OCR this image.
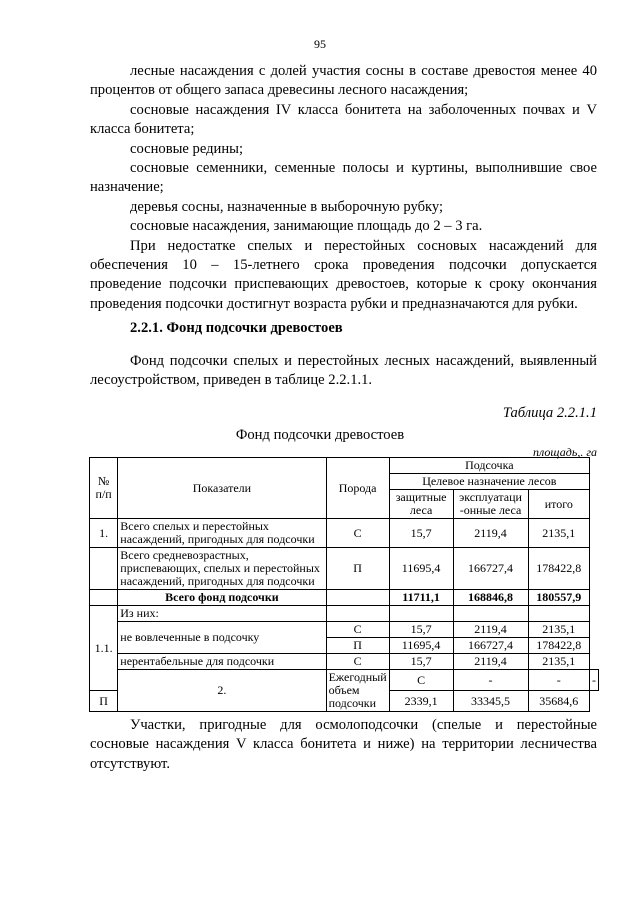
95

лесные насаждения с долей участия сосны в составе древостоя менее 40 процентов от общего запаса древесины лесного насаждения;

сосновые насаждения IV класса бонитета на заболоченных почвах и V класса бонитета;

сосновые редины;

сосновые семенники, семенные полосы и куртины, выполнившие свое назначение;

деревья сосны, назначенные в выборочную рубку;

сосновые насаждения, занимающие площадь до 2 – 3 га.

При недостатке спелых и перестойных сосновых насаждений для обеспечения 10 – 15-летнего срока проведения подсочки допускается проведение подсочки приспевающих древостоев, которые к сроку окончания проведения подсочки достигнут возраста рубки и предназначаются для рубки.

2.2.1. Фонд подсочки древостоев

Фонд подсочки спелых и перестойных лесных насаждений, выявленный лесоустройством, приведен в таблице 2.2.1.1.

Таблица 2.2.1.1
Фонд подсочки древостоев
площадь,. га
№ п/п	Показатели	Порода	Подсочка			
			Целевое назначение лесов			
			защитные леса	эксплуатаци -онные леса	итого	
1.	Всего спелых и перестойных насаждений, пригодных для подсочки	С	15,7	2119,4	2135,1	
	Всего средневозрастных, приспевающих, спелых и перестойных насаждений, пригодных для подсочки	П	11695,4	166727,4	178422,8	
	Всего фонд подсочки		11711,1	168846,8	180557,9	
1.1.	Из них:					
	не вовлеченные в подсочку	С	15,7	2119,4	2135,1	
		П	11695,4	166727,4	178422,8	
	нерентабельные для подсочки	С	15,7	2119,4	2135,1	
	2.	Ежегодный объем подсочки	С	-	-	-
П			2339,1	33345,5	35684,6	

Участки, пригодные для осмолоподсочки (спелые и перестойные сосновые насаждения V класса бонитета и ниже) на территории лесничества отсутствуют.
